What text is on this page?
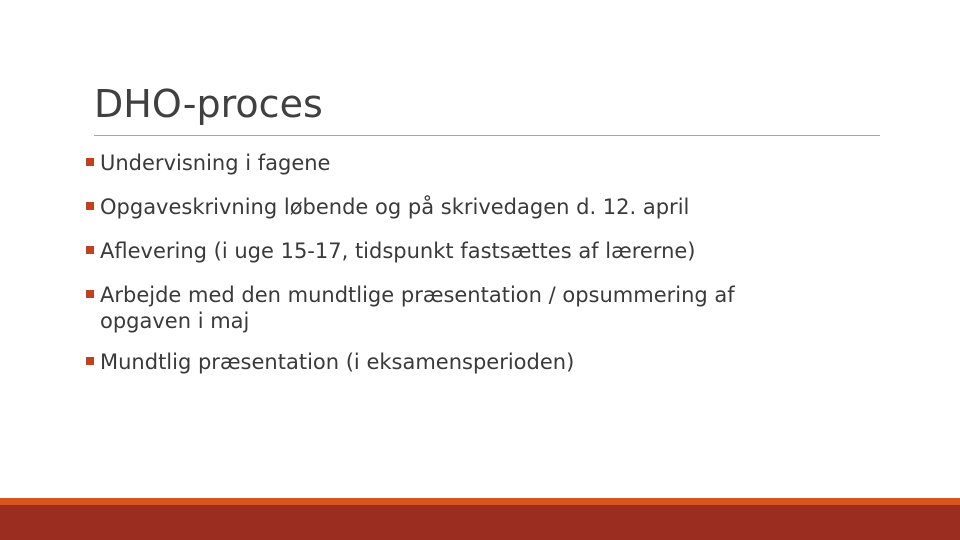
DHO-proces
Undervisning i fagene
Opgaveskrivning løbende og på skrivedagen d. 12. april
Aflevering (i uge 15-17, tidspunkt fastsættes af lærerne)
Arbejde med den mundtlige præsentation / opsummering af opgaven i maj
Mundtlig præsentation (i eksamensperioden)
